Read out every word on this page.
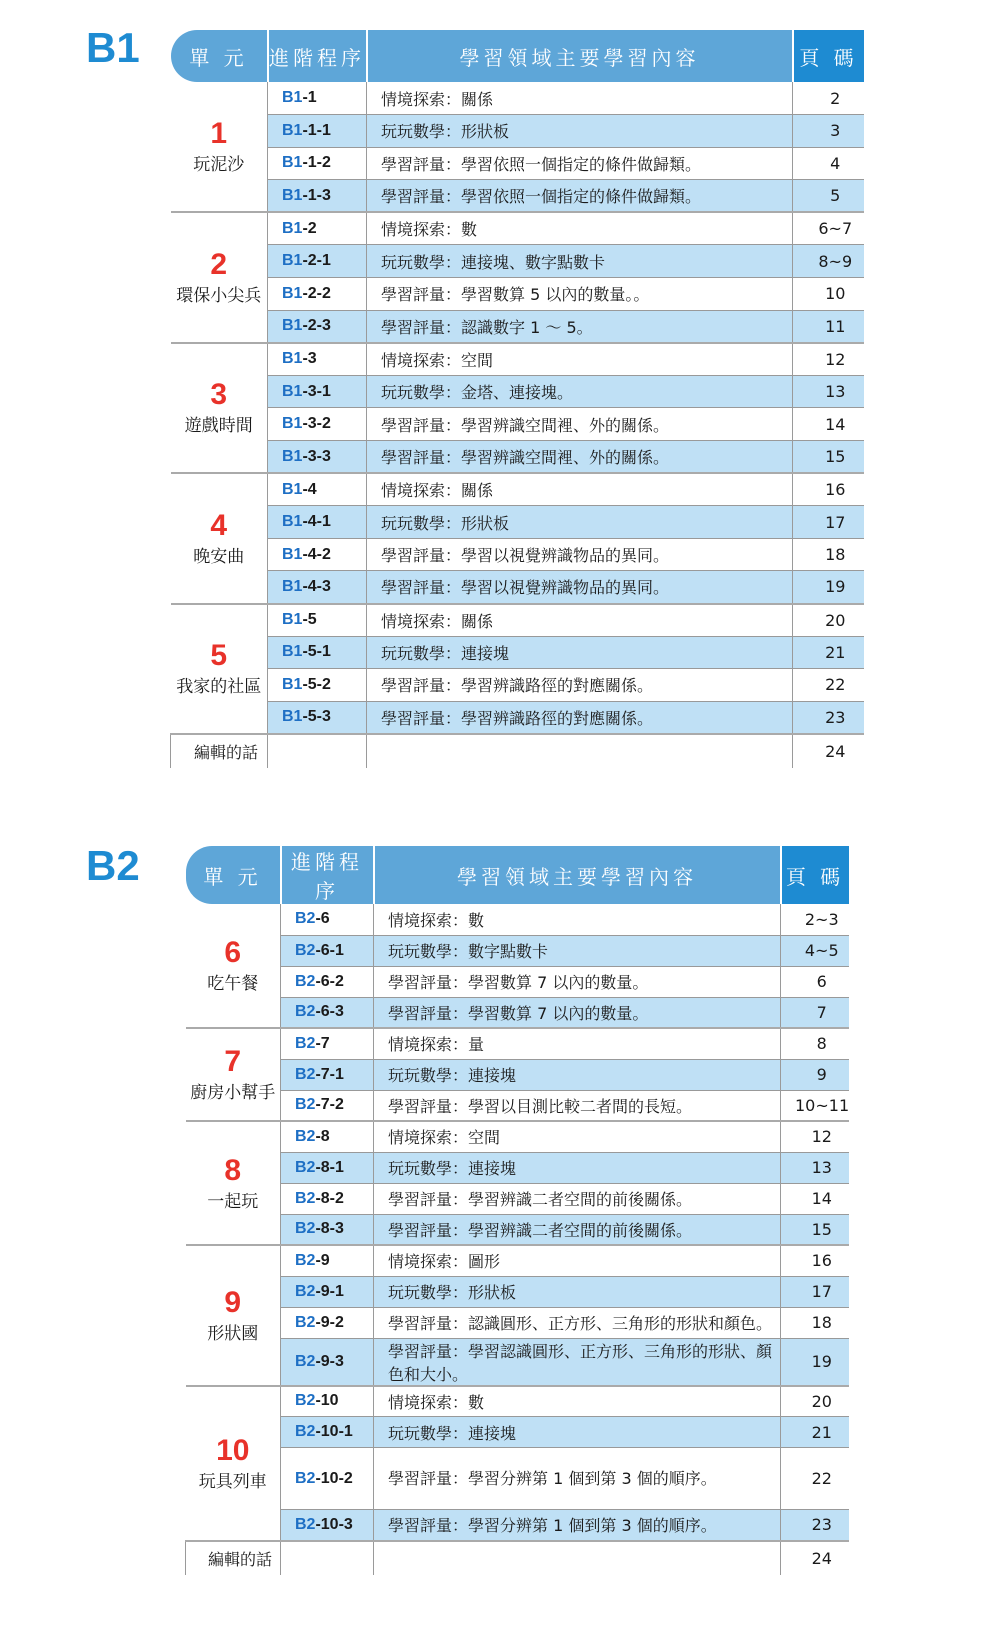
B1 單 元	進階程序	學習領域主要學習內容	頁 碼

1
玩泥沙	B1-1	情境探索：關係	2
	B1-1-1	玩玩數學：形狀板	3
	B1-1-2	學習評量：學習依照一個指定的條件做歸類。	4
	B1-1-3	學習評量：學習依照一個指定的條件做歸類。	5

2
環保小尖兵	B1-2	情境探索：數	6~7
	B1-2-1	玩玩數學：連接塊、數字點數卡	8~9
	B1-2-2	學習評量：學習數算 5 以內的數量。。	10
	B1-2-3	學習評量：認識數字 1 ～ 5。	11

3
遊戲時間	B1-3	情境探索：空間	12
	B1-3-1	玩玩數學：金塔、連接塊。	13
	B1-3-2	學習評量：學習辨識空間裡、外的關係。	14
	B1-3-3	學習評量：學習辨識空間裡、外的關係。	15

4
晚安曲	B1-4	情境探索：關係	16
	B1-4-1	玩玩數學：形狀板	17
	B1-4-2	學習評量：學習以視覺辨識物品的異同。	18
	B1-4-3	學習評量：學習以視覺辨識物品的異同。	19

5
我家的社區	B1-5	情境探索：關係	20
	B1-5-1	玩玩數學：連接塊	21
	B1-5-2	學習評量：學習辨識路徑的對應關係。	22
	B1-5-3	學習評量：學習辨識路徑的對應關係。	23
編輯的話			24
B2	單 元	進階程序	學習領域主要學習內容	頁 碼

6
吃午餐	B2-6	情境探索：數	2~3
	B2-6-1	玩玩數學：數字點數卡	4~5
	B2-6-2	學習評量：學習數算 7 以內的數量。	6
	B2-6-3	學習評量：學習數算 7 以內的數量。	7

7
廚房小幫手	B2-7	情境探索：量	8
	B2-7-1	玩玩數學：連接塊	9
	B2-7-2	學習評量：學習以目測比較二者間的長短。	10~11

8
一起玩	B2-8	情境探索：空間	12
	B2-8-1	玩玩數學：連接塊	13
	B2-8-2	學習評量：學習辨識二者空間的前後關係。	14
	B2-8-3	學習評量：學習辨識二者空間的前後關係。	15

9
形狀國	B2-9	情境探索：圖形	16
	B2-9-1	玩玩數學：形狀板	17
	B2-9-2	學習評量：認識圓形、正方形、三角形的形狀和顏色。	18
	B2-9-3	學習評量：學習認識圓形、正方形、三角形的形狀、顏色和大小。	19

10
玩具列車	B2-10	情境探索：數	20
	B2-10-1	玩玩數學：連接塊	21
	B2-10-2	學習評量：學習分辨第 1 個到第 3 個的順序。	22
	B2-10-3	學習評量：學習分辨第 1 個到第 3 個的順序。	23
編輯的話			24
